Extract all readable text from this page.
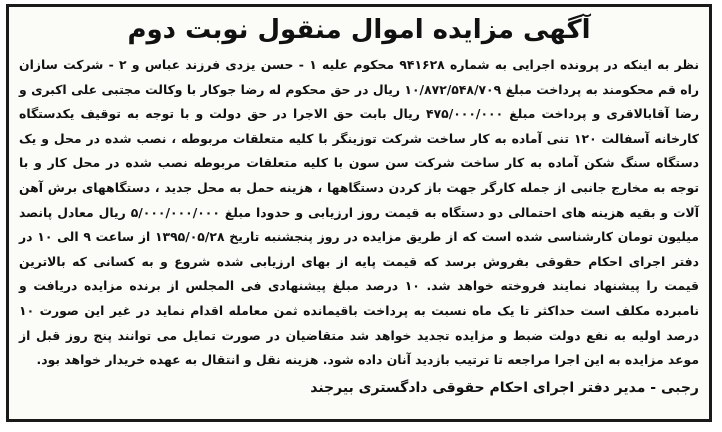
آگهی مزایده اموال منقول نوبت دوم

نظر به اینکه در پرونده اجرایی به شماره ۹۴۱۶۲۸ محکوم علیه ۱ - حسن یزدی فرزند عباس و ۲ - شرکت سازان راه قم محکومند به پرداخت مبلغ ۱۰/۸۷۲/۵۴۸/۷۰۹ ریال در حق محکوم له رضا جوکار با وکالت مجتبی علی اکبری و رضا آقابالاقری و پرداخت مبلغ ۴۷۵/۰۰۰/۰۰۰ ریال بابت حق الاجرا در حق دولت و با توجه به توقیف یکدستگاه کارخانه آسفالت ۱۲۰ تنی آماده به کار ساخت شرکت توزینگر با کلیه متعلقات مربوطه ، نصب شده در محل و یک دستگاه سنگ شکن آماده به کار ساخت شرکت سن سون با کلیه متعلقات مربوطه نصب شده در محل کار و با توجه به مخارج جانبی از جمله کارگر جهت باز کردن دستگاهها ، هزینه حمل به محل جدید ، دستگاههای برش آهن آلات و بقیه هزینه های احتمالی دو دستگاه به قیمت روز ارزیابی و حدودا مبلغ ۵/۰۰۰/۰۰۰/۰۰۰ ریال معادل پانصد میلیون تومان کارشناسی شده است که از طریق مزایده در روز پنجشنبه تاریخ ۱۳۹۵/۰۵/۲۸ از ساعت ۹ الی ۱۰ در دفتر اجرای احکام حقوقی بفروش برسد که قیمت پایه از بهای ارزیابی شده شروع و به کسانی که بالاترین قیمت را پیشنهاد نمایند فروخته خواهد شد. ۱۰ درصد مبلغ پیشنهادی فی المجلس از برنده مزایده دریافت و نامبرده مکلف است حداکثر تا یک ماه نسبت به پرداخت باقیمانده ثمن معامله اقدام نماید در غیر این صورت ۱۰ درصد اولیه به نفع دولت ضبط و مزایده تجدید خواهد شد متقاضیان در صورت تمایل می توانند پنج روز قبل از موعد مزایده به این اجرا مراجعه تا ترتیب بازدید آنان داده شود. هزینه نقل و انتقال به عهده خریدار خواهد بود.

رجبی - مدیر دفتر اجرای احکام حقوقی دادگستری بیرجند
